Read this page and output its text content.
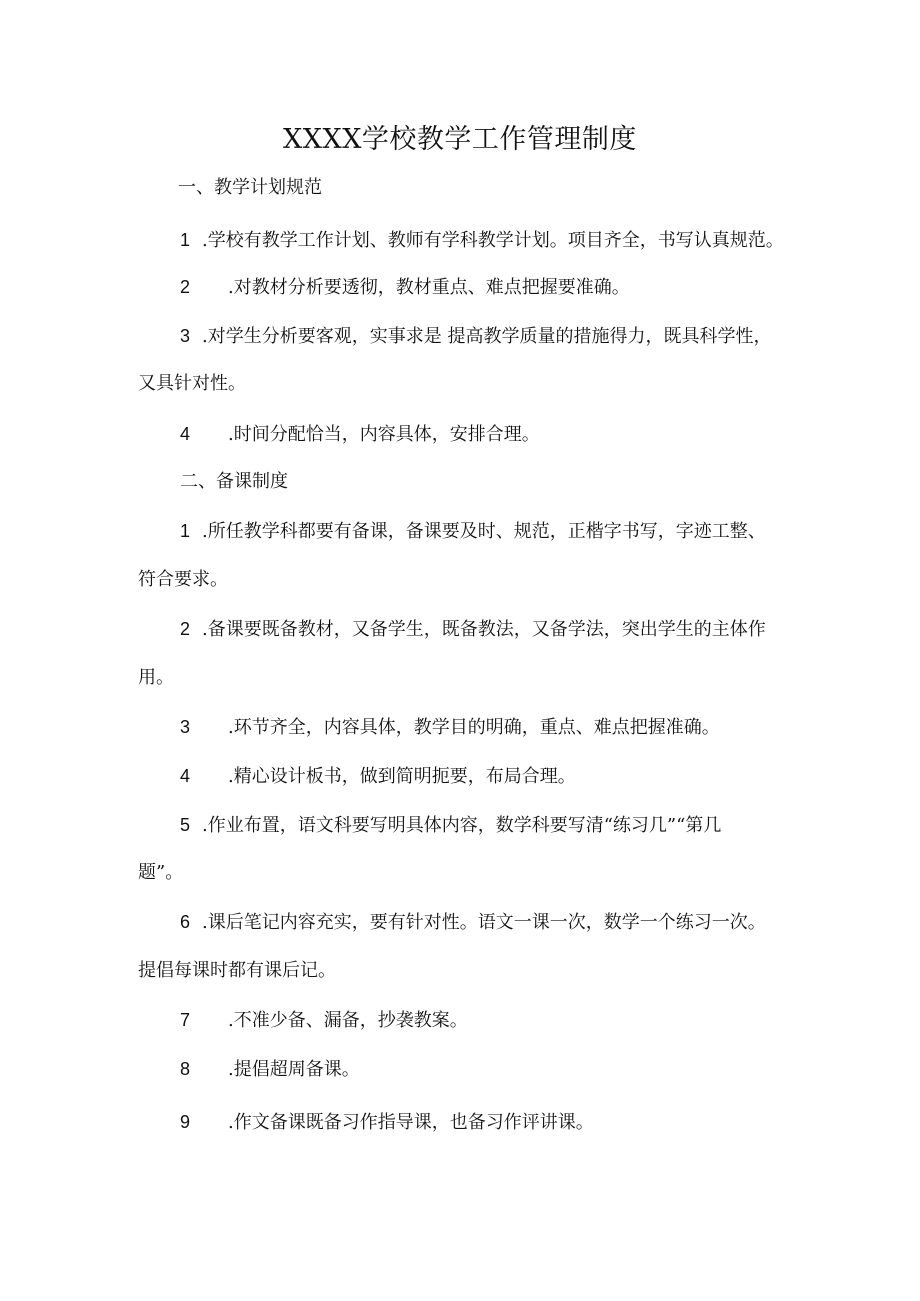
XXXX学校教学工作管理制度
一、教学计划规范
1 .学校有教学工作计划、教师有学科教学计划。项目齐全，书写认真规范。
2 .对教材分析要透彻，教材重点、难点把握要准确。
3 .对学生分析要客观，实事求是 提高教学质量的措施得力，既具科学性，
又具针对性。
4 .时间分配恰当，内容具体，安排合理。
二、备课制度
1 .所任教学科都要有备课，备课要及时、规范，正楷字书写，字迹工整、
符合要求。
2 .备课要既备教材，又备学生，既备教法，又备学法，突出学生的主体作
用。
3 .环节齐全，内容具体，教学目的明确，重点、难点把握准确。
4 .精心设计板书，做到简明扼要，布局合理。
5 .作业布置，语文科要写明具体内容，数学科要写清“练习几”“第几
题”。
6 .课后笔记内容充实，要有针对性。语文一课一次，数学一个练习一次。
提倡每课时都有课后记。
7 .不准少备、漏备，抄袭教案。
8 .提倡超周备课。
9 .作文备课既备习作指导课，也备习作评讲课。
